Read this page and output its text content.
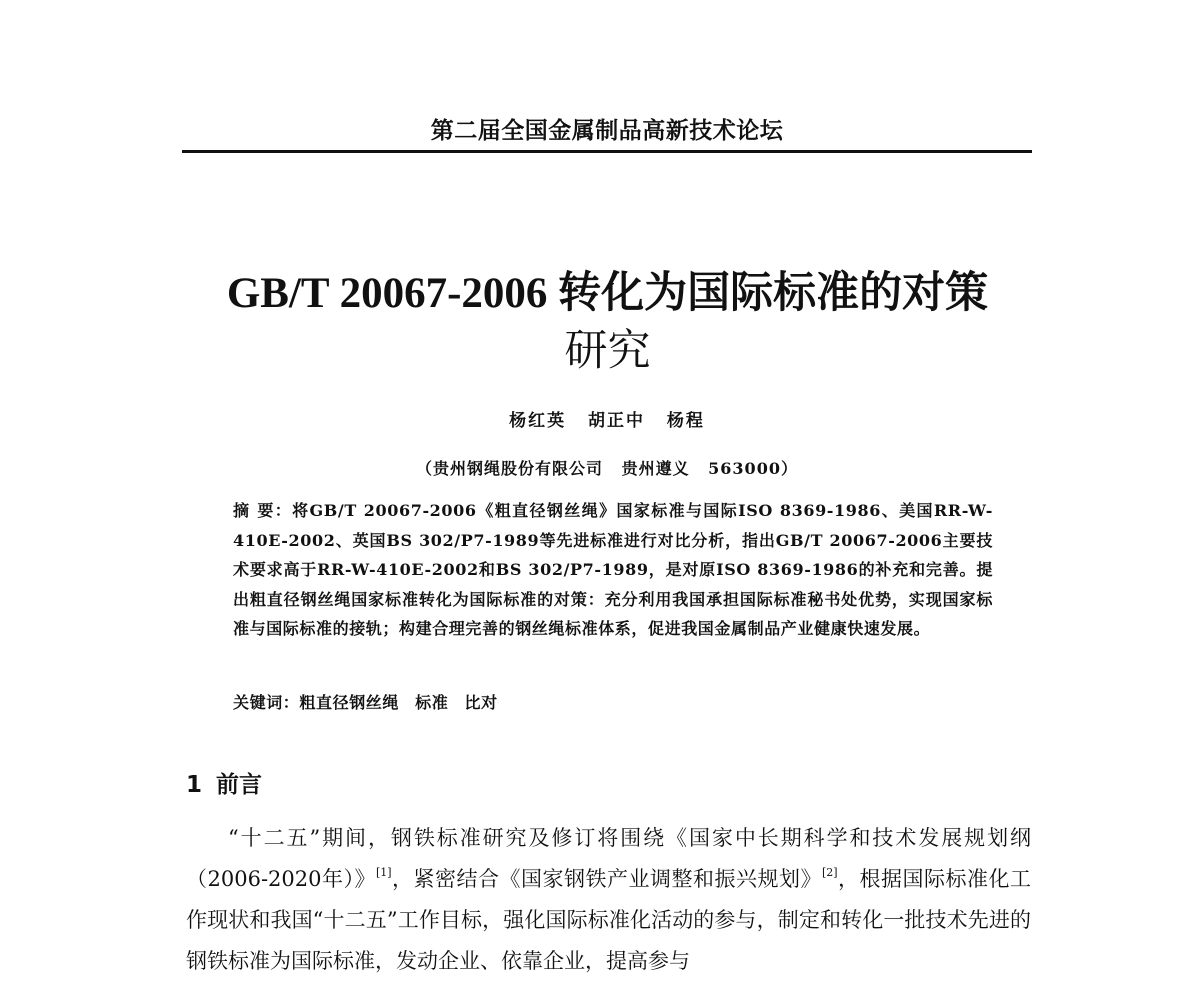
第二届全国金属制品高新技术论坛
GB/T 20067-2006 转化为国际标准的对策
研究
杨红英 胡正中 杨程
（贵州钢绳股份有限公司 贵州遵义 563000）
摘 要：将GB/T 20067-2006《粗直径钢丝绳》国家标准与国际ISO 8369-1986、美国RR-W-410E-2002、英国BS 302/P7-1989等先进标准进行对比分析，指出GB/T 20067-2006主要技术要求高于RR-W-410E-2002和BS 302/P7-1989，是对原ISO 8369-1986的补充和完善。提出粗直径钢丝绳国家标准转化为国际标准的对策：充分利用我国承担国际标准秘书处优势，实现国家标准与国际标准的接轨；构建合理完善的钢丝绳标准体系，促进我国金属制品产业健康快速发展。
关键词：粗直径钢丝绳 标准 比对
1 前言
“十二五”期间，钢铁标准研究及修订将围绕《国家中长期科学和技术发展规划纲（2006-2020年）》[1]，紧密结合《国家钢铁产业调整和振兴规划》[2]，根据国际标准化工作现状和我国“十二五”工作目标，强化国际标准化活动的参与，制定和转化一批技术先进的钢铁标准为国际标准，发动企业、依靠企业，提高参与
